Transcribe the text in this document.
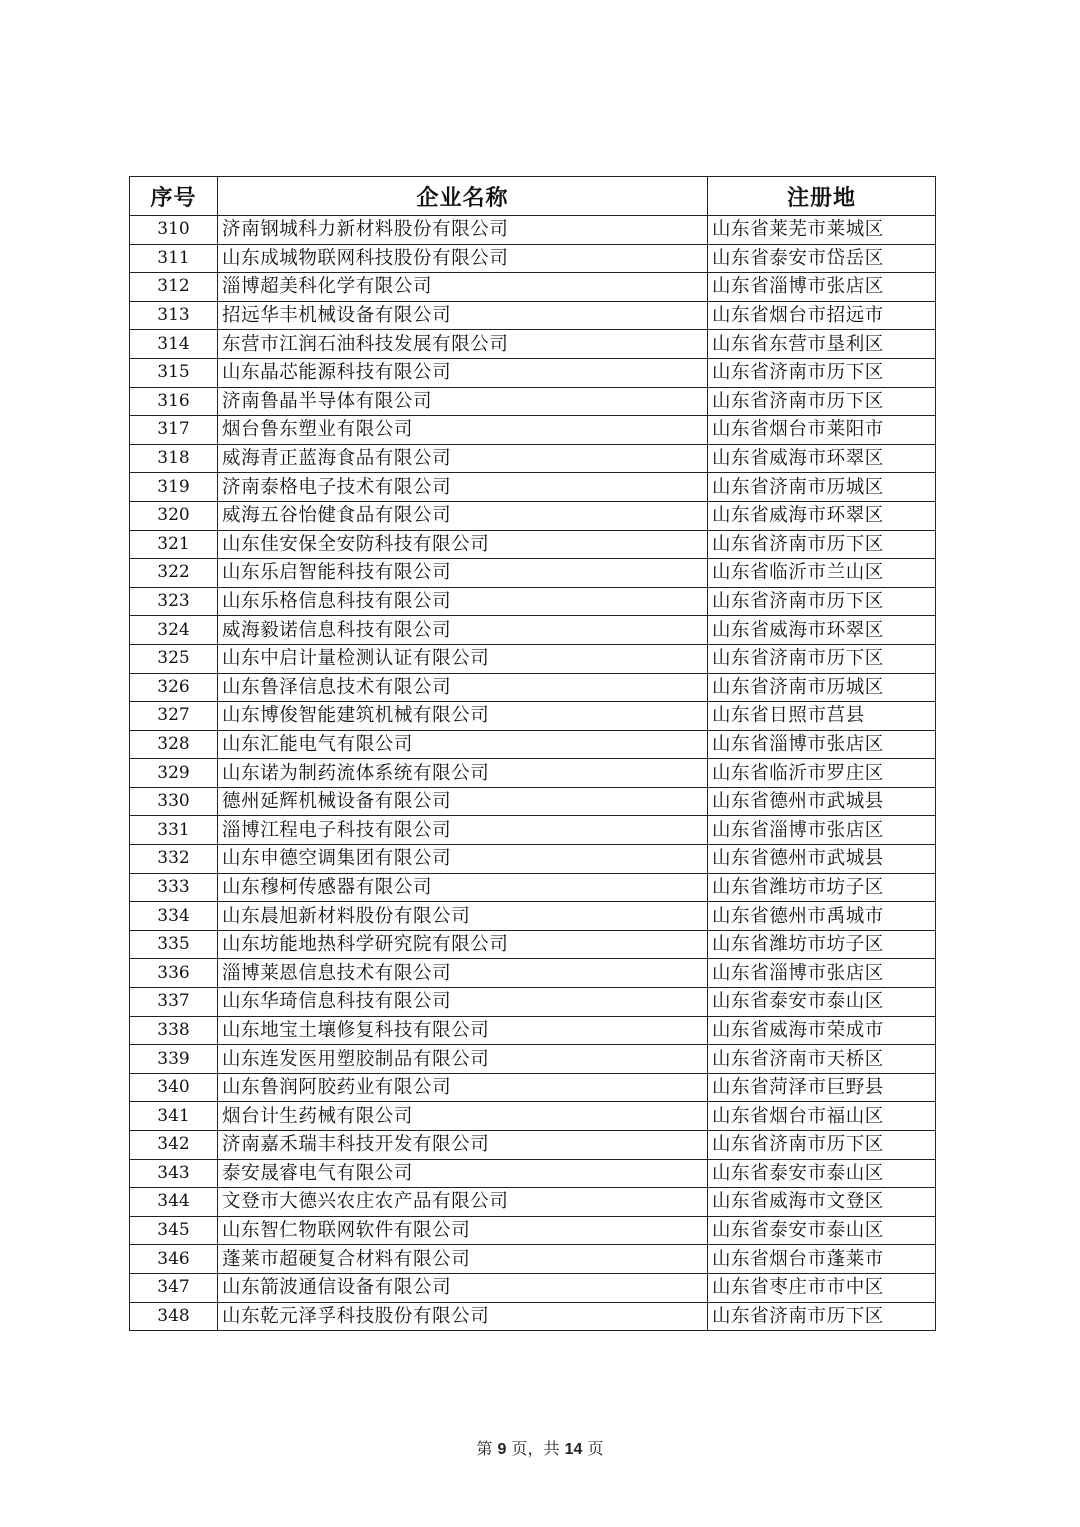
序号	企业名称	注册地
310	济南钢城科力新材料股份有限公司	山东省莱芜市莱城区
311	山东成城物联网科技股份有限公司	山东省泰安市岱岳区
312	淄博超美科化学有限公司	山东省淄博市张店区
313	招远华丰机械设备有限公司	山东省烟台市招远市
314	东营市江润石油科技发展有限公司	山东省东营市垦利区
315	山东晶芯能源科技有限公司	山东省济南市历下区
316	济南鲁晶半导体有限公司	山东省济南市历下区
317	烟台鲁东塑业有限公司	山东省烟台市莱阳市
318	威海青正蓝海食品有限公司	山东省威海市环翠区
319	济南泰格电子技术有限公司	山东省济南市历城区
320	威海五谷怡健食品有限公司	山东省威海市环翠区
321	山东佳安保全安防科技有限公司	山东省济南市历下区
322	山东乐启智能科技有限公司	山东省临沂市兰山区
323	山东乐格信息科技有限公司	山东省济南市历下区
324	威海毅诺信息科技有限公司	山东省威海市环翠区
325	山东中启计量检测认证有限公司	山东省济南市历下区
326	山东鲁泽信息技术有限公司	山东省济南市历城区
327	山东博俊智能建筑机械有限公司	山东省日照市莒县
328	山东汇能电气有限公司	山东省淄博市张店区
329	山东诺为制药流体系统有限公司	山东省临沂市罗庄区
330	德州延辉机械设备有限公司	山东省德州市武城县
331	淄博江程电子科技有限公司	山东省淄博市张店区
332	山东申德空调集团有限公司	山东省德州市武城县
333	山东穆柯传感器有限公司	山东省潍坊市坊子区
334	山东晨旭新材料股份有限公司	山东省德州市禹城市
335	山东坊能地热科学研究院有限公司	山东省潍坊市坊子区
336	淄博莱恩信息技术有限公司	山东省淄博市张店区
337	山东华琦信息科技有限公司	山东省泰安市泰山区
338	山东地宝土壤修复科技有限公司	山东省威海市荣成市
339	山东连发医用塑胶制品有限公司	山东省济南市天桥区
340	山东鲁润阿胶药业有限公司	山东省菏泽市巨野县
341	烟台计生药械有限公司	山东省烟台市福山区
342	济南嘉禾瑞丰科技开发有限公司	山东省济南市历下区
343	泰安晟睿电气有限公司	山东省泰安市泰山区
344	文登市大德兴农庄农产品有限公司	山东省威海市文登区
345	山东智仁物联网软件有限公司	山东省泰安市泰山区
346	蓬莱市超硬复合材料有限公司	山东省烟台市蓬莱市
347	山东箭波通信设备有限公司	山东省枣庄市市中区
348	山东乾元泽孚科技股份有限公司	山东省济南市历下区
第 9 页，共 14 页
